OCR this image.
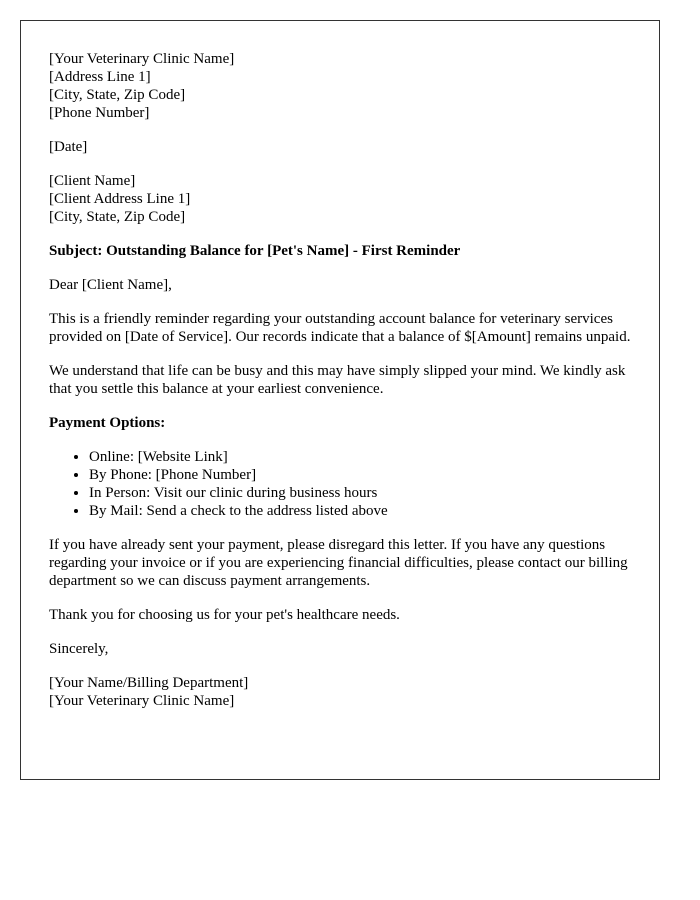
[Your Veterinary Clinic Name]
[Address Line 1]
[City, State, Zip Code]
[Phone Number]
[Date]
[Client Name]
[Client Address Line 1]
[City, State, Zip Code]

Subject: Outstanding Balance for [Pet's Name] - First Reminder

Dear [Client Name],

This is a friendly reminder regarding your outstanding account balance for veterinary services provided on [Date of Service]. Our records indicate that a balance of $[Amount] remains unpaid.

We understand that life can be busy and this may have simply slipped your mind. We kindly ask that you settle this balance at your earliest convenience.

Payment Options:

• Online: [Website Link]
• By Phone: [Phone Number]
• In Person: Visit our clinic during business hours
• By Mail: Send a check to the address listed above

If you have already sent your payment, please disregard this letter. If you have any questions regarding your invoice or if you are experiencing financial difficulties, please contact our billing department so we can discuss payment arrangements.

Thank you for choosing us for your pet's healthcare needs.

Sincerely,

[Your Name/Billing Department]
[Your Veterinary Clinic Name]
